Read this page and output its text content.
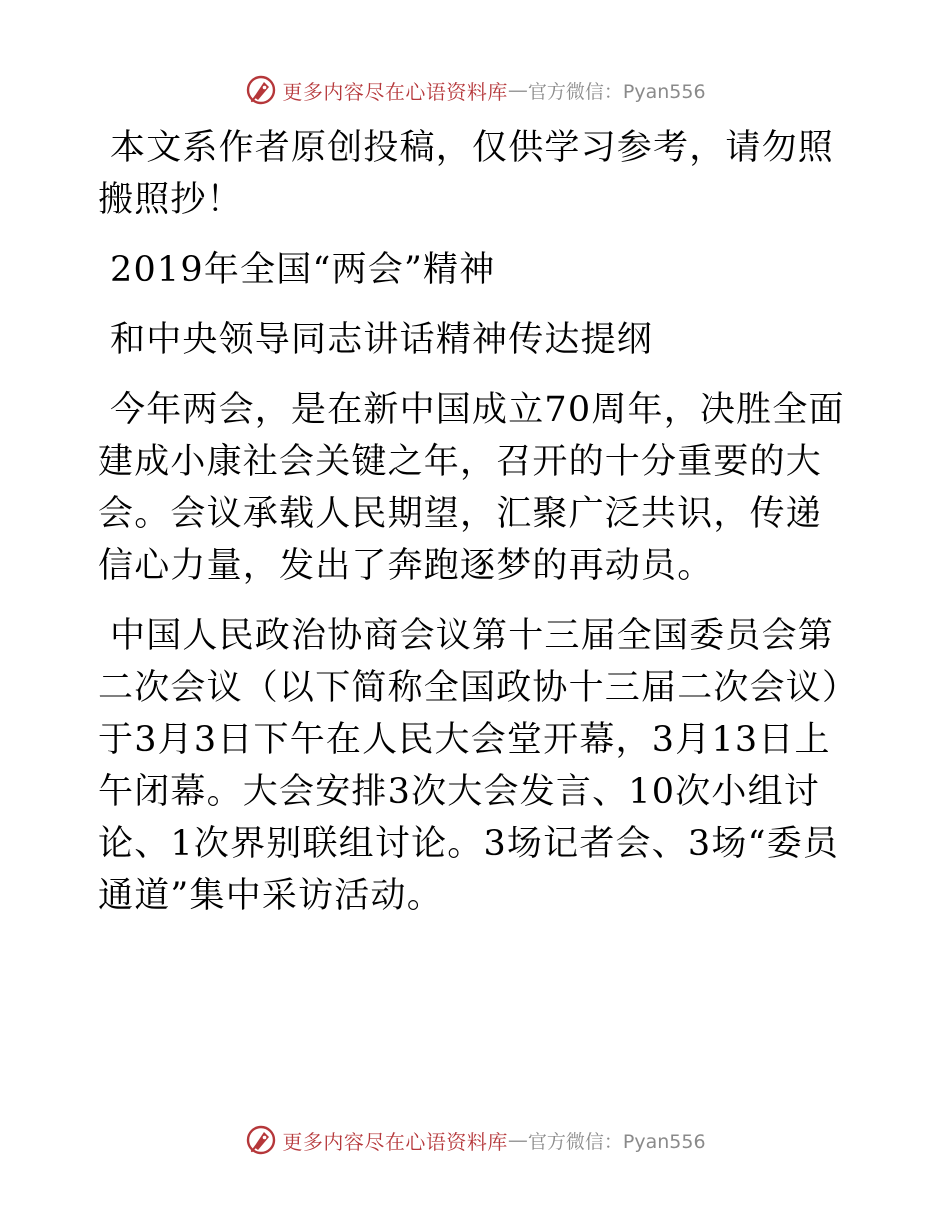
更多内容尽在心语资料库 — 官方微信：Pyan556

本文系作者原创投稿，仅供学习参考，请勿照搬照抄！

2019年全国“两会”精神

和中央领导同志讲话精神传达提纲

今年两会，是在新中国成立70周年，决胜全面建成小康社会关键之年，召开的十分重要的大会。会议承载人民期望，汇聚广泛共识，传递信心力量，发出了奔跑逐梦的再动员。

中国人民政治协商会议第十三届全国委员会第二次会议（以下简称全国政协十三届二次会议）于3月3日下午在人民大会堂开幕，3月13日上午闭幕。大会安排3次大会发言、10次小组讨论、1次界别联组讨论。3场记者会、3场“委员通道”集中采访活动。

更多内容尽在心语资料库 — 官方微信：Pyan556
